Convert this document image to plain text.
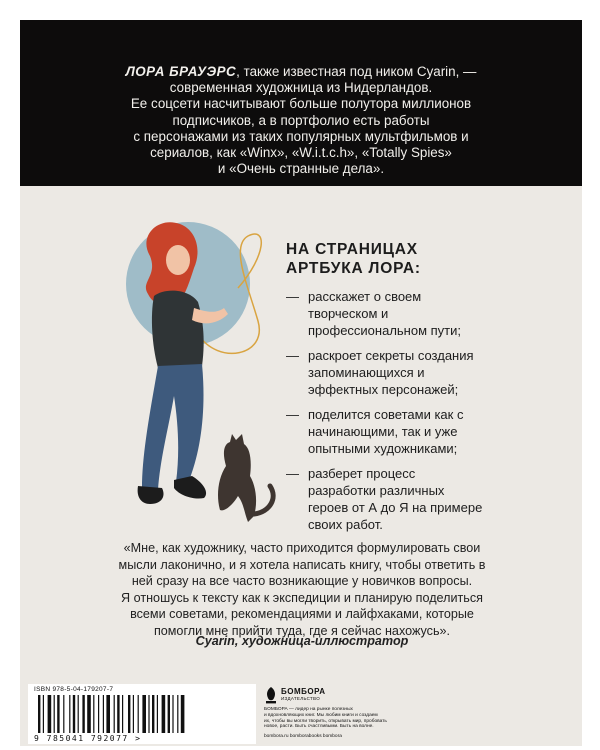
ЛОРА БРАУЭРС, также известная под ником Cyarin, —
современная художница из Нидерландов.
Ее соцсети насчитывают больше полутора миллионов
подписчиков, а в портфолио есть работы
с персонажами из таких популярных мультфильмов и
сериалов, как «Winx», «W.i.t.c.h», «Totally Spies»
и «Очень странные дела».
НА СТРАНИЦАХ
АРТБУКА ЛОРА:
— расскажет о своем
творческом и
профессиональном пути;
— раскроет секреты создания
запоминающихся и
эффектных персонажей;
— поделится советами как с
начинающими, так и уже
опытными художниками;
— разберет процесс
разработки различных
героев от А до Я на примере
своих работ.
«Мне, как художнику, часто приходится формулировать свои
мысли лаконично, и я хотела написать книгу, чтобы ответить в
ней сразу на все часто возникающие у новичков вопросы.
Я отношусь к тексту как к экспедиции и планирую поделиться
всеми советами, рекомендациями и лайфхаками, которые
помогли мне прийти туда, где я сейчас нахожусь».
Cyarin, художница-иллюстратор
ISBN 978-5-04-179207-7
9 785041 792077 >
БОМБОРА
ИЗДАТЕЛЬСТВО
БОМБОРА — лидер на рынке полезных
и вдохновляющих книг. Мы любим книги и создаем
их, чтобы вы могли творить, открывать мир, пробовать
новое, расти. Быть счастливыми. Быть на волне.
bombora.ru bomborabooks bombora
